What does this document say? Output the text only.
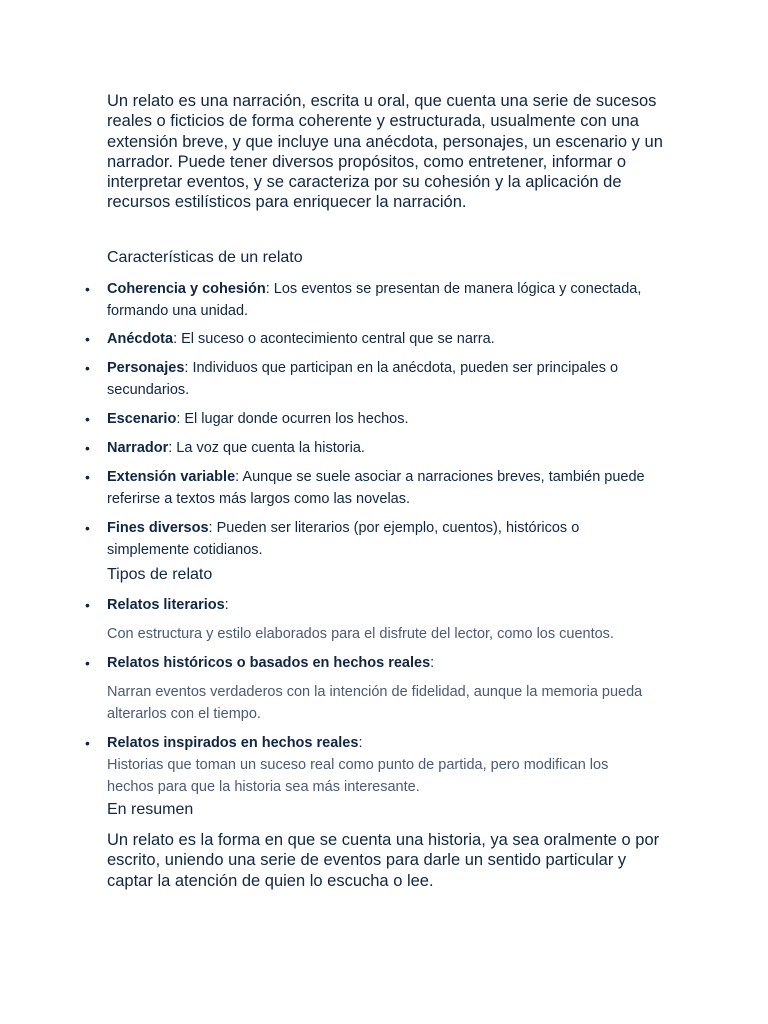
Un relato es una narración, escrita u oral, que cuenta una serie de sucesos reales o ficticios de forma coherente y estructurada, usualmente con una extensión breve, y que incluye una anécdota, personajes, un escenario y un narrador. Puede tener diversos propósitos, como entretener, informar o interpretar eventos, y se caracteriza por su cohesión y la aplicación de recursos estilísticos para enriquecer la narración.

Características de un relato

• Coherencia y cohesión: Los eventos se presentan de manera lógica y conectada, formando una unidad.
• Anécdota: El suceso o acontecimiento central que se narra.
• Personajes: Individuos que participan en la anécdota, pueden ser principales o secundarios.
• Escenario: El lugar donde ocurren los hechos.
• Narrador: La voz que cuenta la historia.
• Extensión variable: Aunque se suele asociar a narraciones breves, también puede referirse a textos más largos como las novelas.
• Fines diversos: Pueden ser literarios (por ejemplo, cuentos), históricos o simplemente cotidianos.

Tipos de relato

• Relatos literarios:
• Relatos históricos o basados en hechos reales:
• Relatos inspirados en hechos reales:

Con estructura y estilo elaborados para el disfrute del lector, como los cuentos.

Narran eventos verdaderos con la intención de fidelidad, aunque la memoria pueda alterarlos con el tiempo.

Historias que toman un suceso real como punto de partida, pero modifican los hechos para que la historia sea más interesante.

En resumen

Un relato es la forma en que se cuenta una historia, ya sea oralmente o por escrito, uniendo una serie de eventos para darle un sentido particular y captar la atención de quien lo escucha o lee.
